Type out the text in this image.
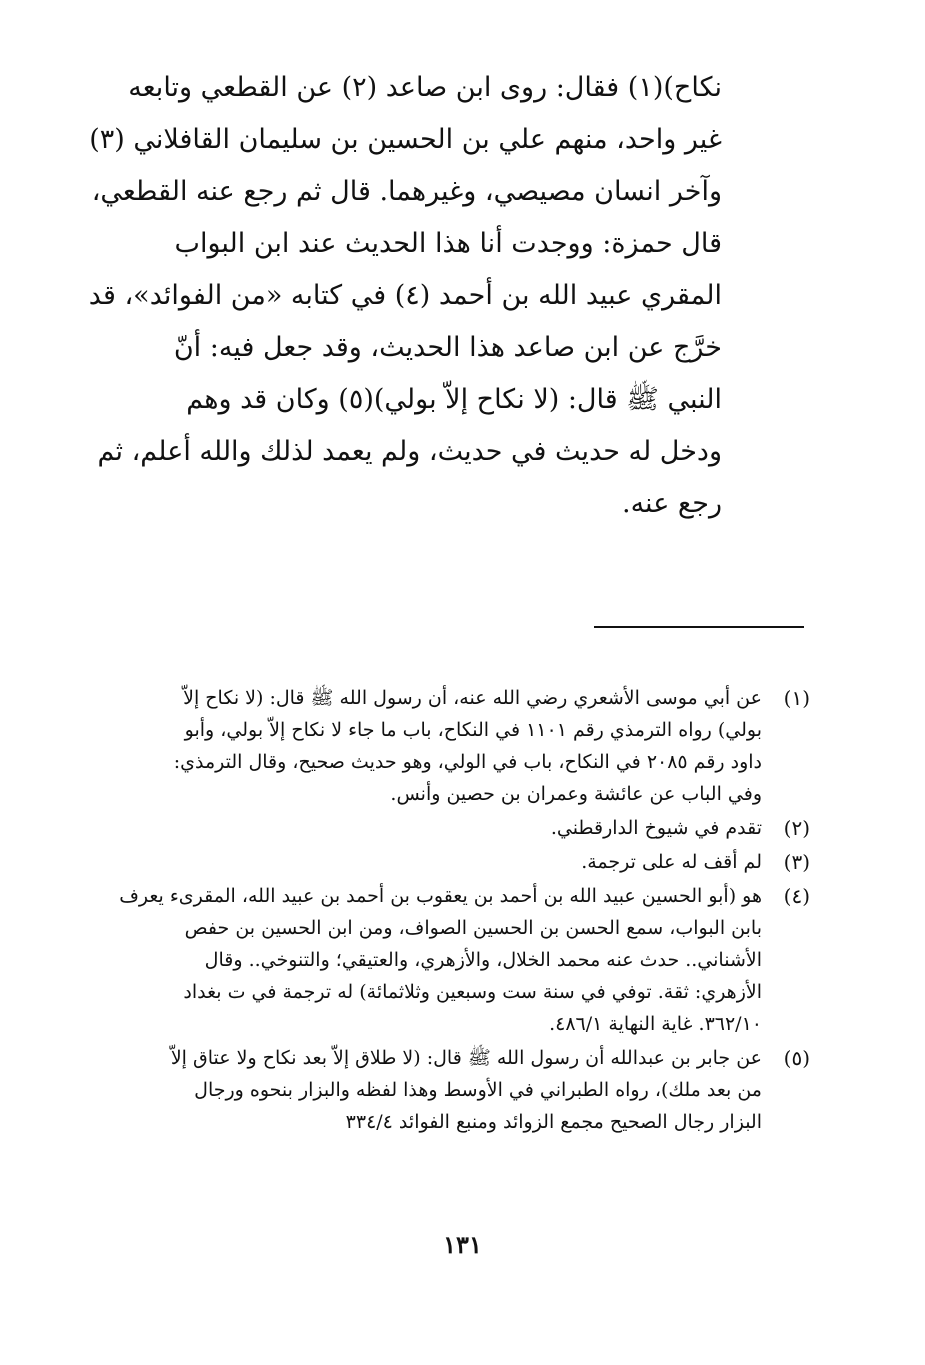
نكاح)(١) فقال: روى ابن صاعد (٢) عن القطعي وتابعه
غير واحد، منهم علي بن الحسين بن سليمان القافلاني (٣)
وآخر انسان مصيصي، وغيرهما. قال ثم رجع عنه القطعي،
قال حمزة: ووجدت أنا هذا الحديث عند ابن البواب
المقري عبيد الله بن أحمد (٤) في كتابه «من الفوائد»، قد
خرَّج عن ابن صاعد هذا الحديث، وقد جعل فيه: أنّ
النبي ﷺ قال: (لا نكاح إلاّ بولي)(٥) وكان قد وهم
ودخل له حديث في حديث، ولم يعمد لذلك والله أعلم، ثم
رجع عنه.
(١)
عن أبي موسى الأشعري رضي الله عنه، أن رسول الله ﷺ قال: (لا نكاح إلاّ
بولي) رواه الترمذي رقم ١١٠١ في النكاح، باب ما جاء لا نكاح إلاّ بولي، وأبو
داود رقم ٢٠٨٥ في النكاح، باب في الولي، وهو حديث صحيح، وقال الترمذي:
وفي الباب عن عائشة وعمران بن حصين وأنس.
(٢)
تقدم في شيوخ الدارقطني.
(٣)
لم أقف له على ترجمة.
(٤)
هو (أبو الحسين عبيد الله بن أحمد بن يعقوب بن أحمد بن عبيد الله، المقرىء يعرف
بابن البواب، سمع الحسن بن الحسين الصواف، ومن ابن الحسين بن حفص
الأشناني.. حدث عنه محمد الخلال، والأزهري، والعتيقي؛ والتنوخي.. وقال
الأزهري: ثقة. توفي في سنة ست وسبعين وثلاثمائة) له ترجمة في ت بغداد
٣٦٢/١٠. غاية النهاية ٤٨٦/١.
(٥)
عن جابر بن عبدالله أن رسول الله ﷺ قال: (لا طلاق إلاّ بعد نكاح ولا عتاق إلاّ
من بعد ملك)، رواه الطبراني في الأوسط وهذا لفظه والبزار بنحوه ورجال
البزار رجال الصحيح مجمع الزوائد ومنبع الفوائد ٣٣٤/٤
١٣١
